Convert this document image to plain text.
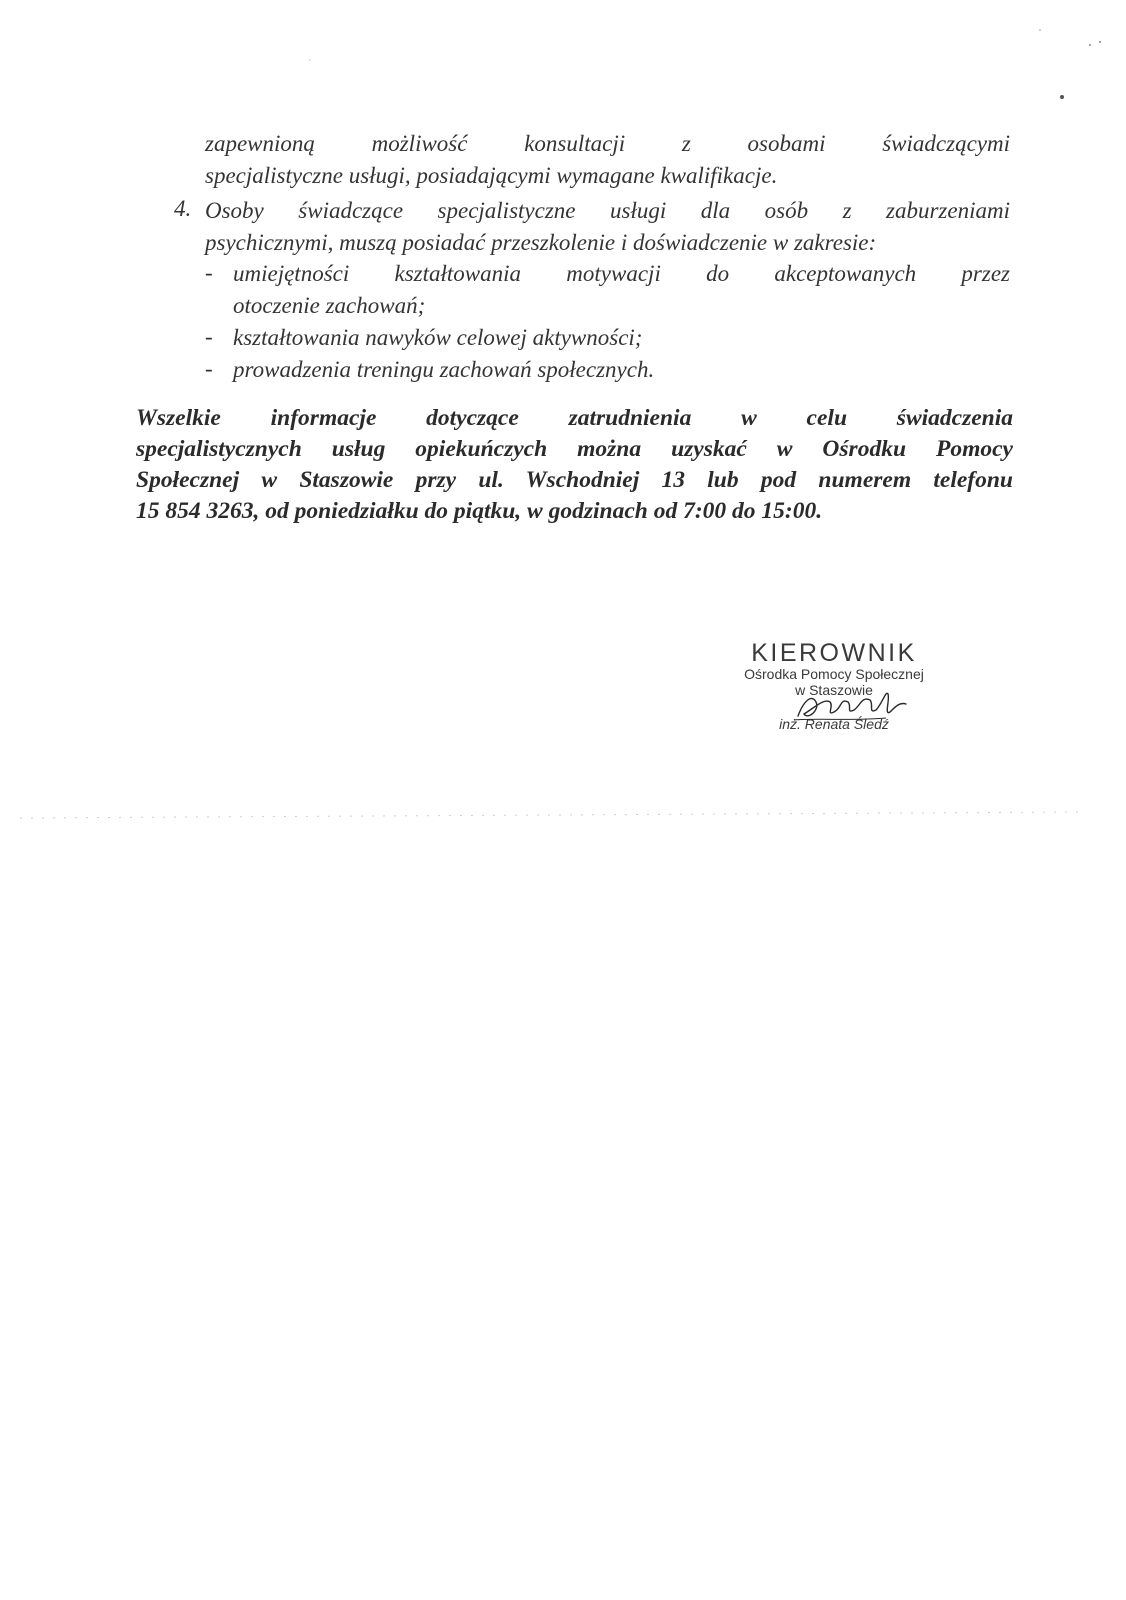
zapewnioną możliwość konsultacji z osobami świadczącymi

specjalistyczne usługi, posiadającymi wymagane kwalifikacje.

4. Osoby świadczące specjalistyczne usługi dla osób z zaburzeniami

psychicznymi, muszą posiadać przeszkolenie i doświadczenie w zakresie:

- umiejętności kształtowania motywacji do akceptowanych przez

otoczenie zachowań;

- kształtowania nawyków celowej aktywności;

- prowadzenia treningu zachowań społecznych.

Wszelkie informacje dotyczące zatrudnienia w celu świadczenia

specjalistycznych usług opiekuńczych można uzyskać w Ośrodku Pomocy

Społecznej w Staszowie przy ul. Wschodniej 13 lub pod numerem telefonu

15 854 3263, od poniedziałku do piątku, w godzinach od 7:00 do 15:00.

KIEROWNIK
Ośrodka Pomocy Społecznej
w Staszowie
inż. Renata Śledź
